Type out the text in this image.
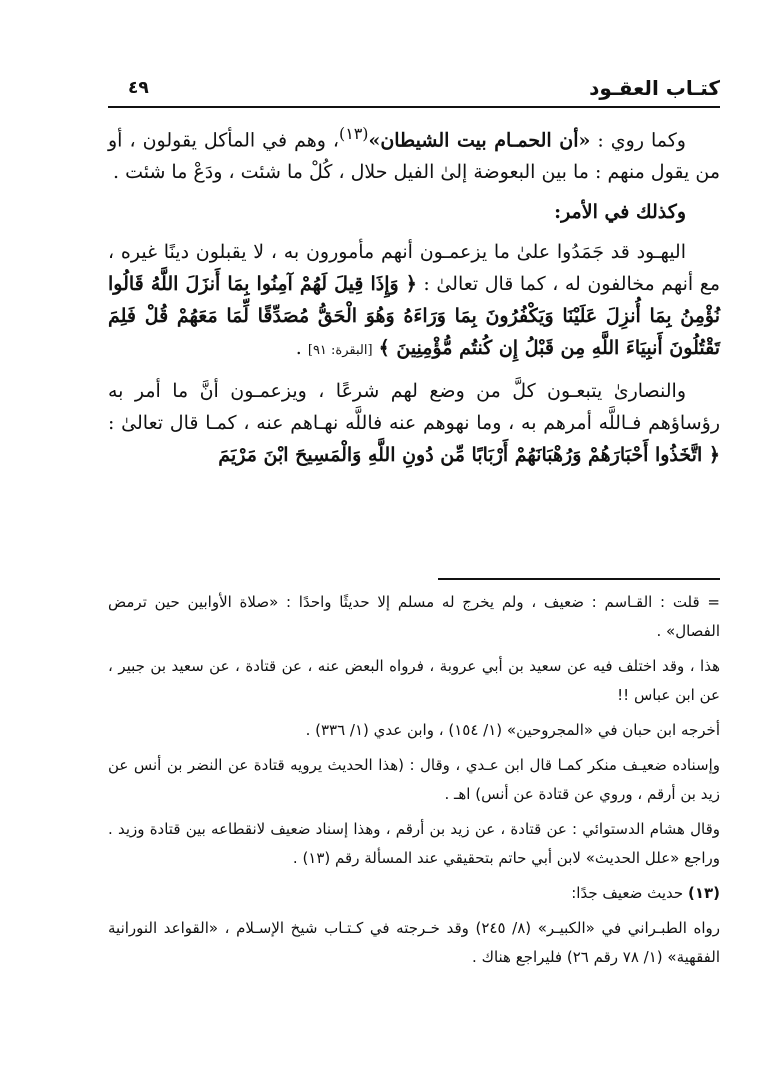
كتـاب العقـود
٤٩

وكما روي : «أن الحمـام بيت الشيطان»$^{(١٣)}$، وهم في المأكل يقولون ، أو من يقول منهم : ما بين البعوضة إلىٰ الفيل حلال ، كُلْ ما شئت ، ودَعْ ما شئت .

وكذلك في الأمر:

اليهـود قد جَمَدُوا علىٰ ما يزعمـون أنهم مأمورون به ، لا يقبلون دينًا غيره ، مع أنهم مخالفون له ، كما قال تعالىٰ : ﴿ وَإِذَا قِيلَ لَهُمْ آمِنُوا بِمَا أَنزَلَ اللَّهُ قَالُوا نُؤْمِنُ بِمَا أُنزِلَ عَلَيْنَا وَيَكْفُرُونَ بِمَا وَرَاءَهُ وَهُوَ الْحَقُّ مُصَدِّقًا لِّمَا مَعَهُمْ قُلْ فَلِمَ تَقْتُلُونَ أَنبِيَاءَ اللَّهِ مِن قَبْلُ إِن كُنتُم مُّؤْمِنِينَ ﴾ [البقرة: ٩١] .

والنصارىٰ يتبعـون كلَّ من وضع لهم شرعًا ، ويزعمـون أنَّ ما أمر به رؤساؤهم فـاللَّه أمرهم به ، وما نهوهم عنه فاللَّه نهـاهم عنه ، كمـا قال تعالىٰ : ﴿ اتَّخَذُوا أَحْبَارَهُمْ وَرُهْبَانَهُمْ أَرْبَابًا مِّن دُونِ اللَّهِ وَالْمَسِيحَ ابْنَ مَرْيَمَ

= قلت : القـاسم : ضعيف ، ولم يخرج له مسلم إلا حديثًا واحدًا : «صلاة الأوابين حين ترمض الفصال» .

هذا ، وقد اختلف فيه عن سعيد بن أبي عروبة ، فرواه البعض عنه ، عن قتادة ، عن سعيد بن جبير ، عن ابن عباس !!

أخرجه ابن حبان في «المجروحين» (١/ ١٥٤) ، وابن عدي (١/ ٣٣٦) .

وإسناده ضعيـف منكر كمـا قال ابن عـدي ، وقال : (هذا الحديث يرويه قتادة عن النضر بن أنس عن زيد بن أرقم ، وروي عن قتادة عن أنس) اهـ .

وقال هشام الدستوائي : عن قتادة ، عن زيد بن أرقم ، وهذا إسناد ضعيف لانقطاعه بين قتادة وزيد . وراجع «علل الحديث» لابن أبي حاتم بتحقيقي عند المسألة رقم (١٣) .

(١٣) حديث ضعيف جدًا:

رواه الطبـراني في «الكبيـر» (٨/ ٢٤٥) وقد خـرجته في كـتـاب شيخ الإسـلام ، «القواعد النورانية الفقهية» (١/ ٧٨ رقم ٢٦) فليراجع هناك .
